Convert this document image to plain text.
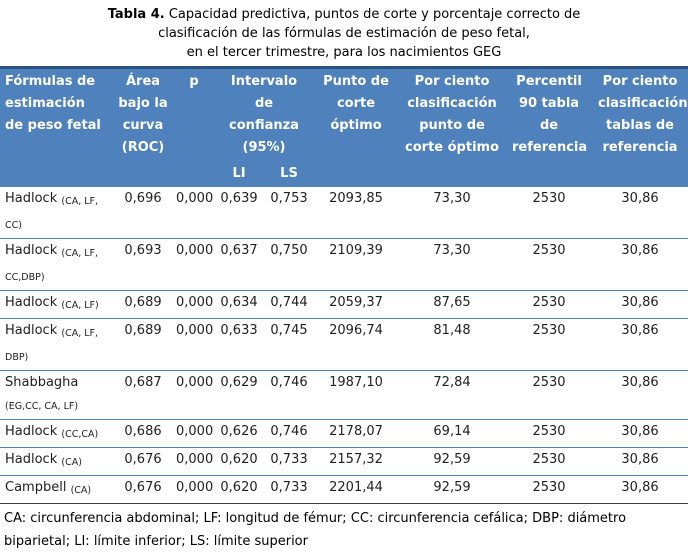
Tabla 4. Capacidad predictiva, puntos de corte y porcentaje correcto de
clasificación de las fórmulas de estimación de peso fetal,
en el tercer trimestre, para los nacimientos GEG
Fórmulas de estimación de peso fetal	Área bajo la curva (ROC)	p	Intervalo de confianza (95%)		Punto de corte óptimo	Por ciento clasificación punto de corte óptimo	Percentil 90 tabla de referencia	Por ciento clasificación tablas de referencia
			LI	LS				
Hadlock $_{(CA, LF, CC)}$	0,696	0,000	0,639	0,753	2093,85	73,30	2530	30,86
Hadlock $_{(CA, LF, CC,DBP)}$	0,693	0,000	0,637	0,750	2109,39	73,30	2530	30,86
Hadlock $_{(CA, LF)}$	0,689	0,000	0,634	0,744	2059,37	87,65	2530	30,86
Hadlock $_{(CA, LF, DBP)}$	0,689	0,000	0,633	0,745	2096,74	81,48	2530	30,86
Shabbagha $_{(EG,CC, CA, LF)}$	0,687	0,000	0,629	0,746	1987,10	72,84	2530	30,86
Hadlock $_{(CC,CA)}$	0,686	0,000	0,626	0,746	2178,07	69,14	2530	30,86
Hadlock $_{(CA)}$	0,676	0,000	0,620	0,733	2157,32	92,59	2530	30,86
Campbell $_{(CA)}$	0,676	0,000	0,620	0,733	2201,44	92,59	2530	30,86
CA: circunferencia abdominal; LF: longitud de fémur; CC: circunferencia cefálica; DBP: diámetro biparietal; LI: límite inferior; LS: límite superior
